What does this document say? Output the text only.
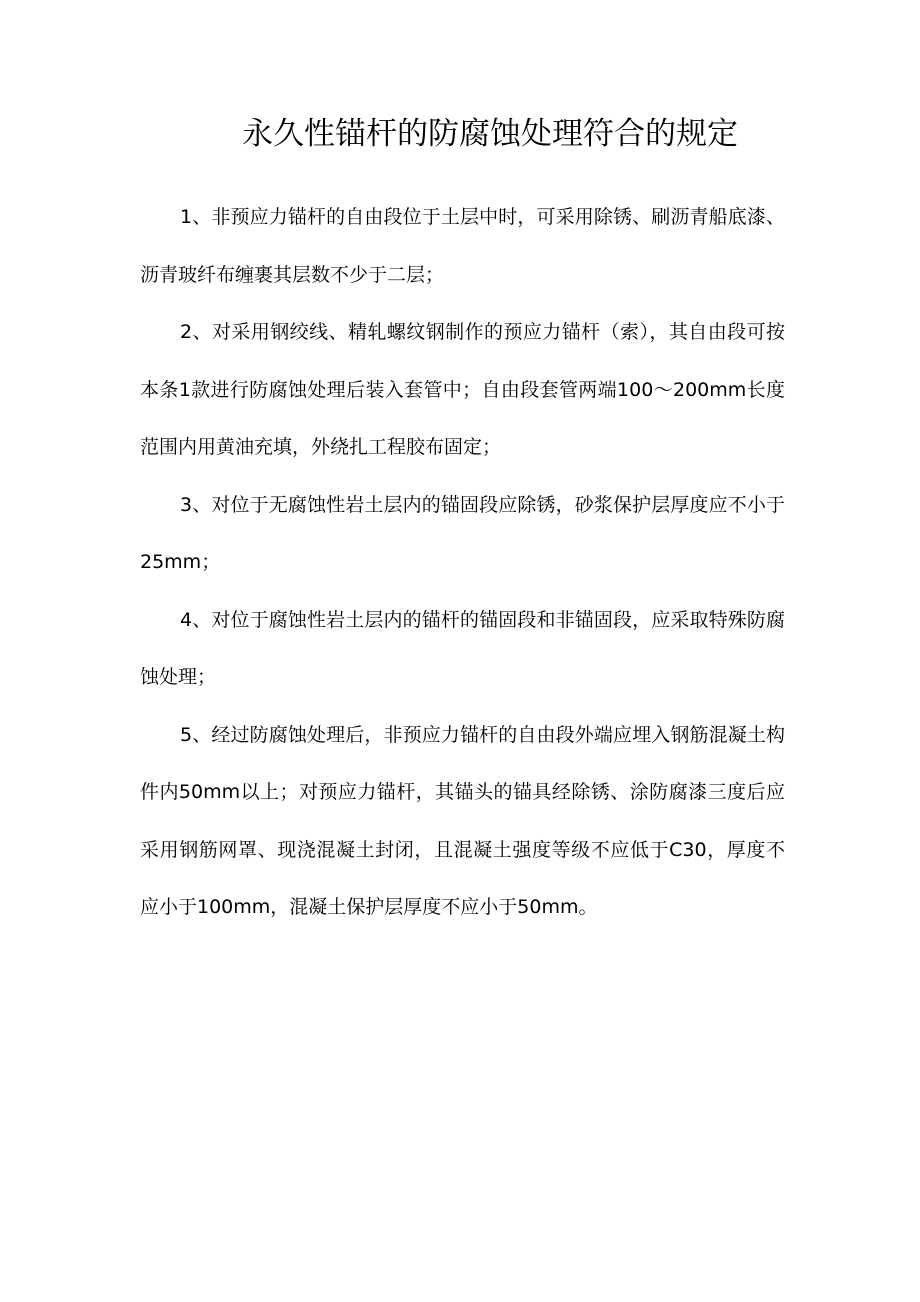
永久性锚杆的防腐蚀处理符合的规定

1、非预应力锚杆的自由段位于土层中时，可采用除锈、刷沥青船底漆、沥青玻纤布缠裹其层数不少于二层；

2、对采用钢绞线、精轧螺纹钢制作的预应力锚杆（索），其自由段可按本条1款进行防腐蚀处理后装入套管中；自由段套管两端100～200mm长度范围内用黄油充填，外绕扎工程胶布固定；

3、对位于无腐蚀性岩土层内的锚固段应除锈，砂浆保护层厚度应不小于25mm；

4、对位于腐蚀性岩土层内的锚杆的锚固段和非锚固段，应采取特殊防腐蚀处理；

5、经过防腐蚀处理后，非预应力锚杆的自由段外端应埋入钢筋混凝土构件内50mm以上；对预应力锚杆，其锚头的锚具经除锈、涂防腐漆三度后应采用钢筋网罩、现浇混凝土封闭，且混凝土强度等级不应低于C30，厚度不应小于100mm，混凝土保护层厚度不应小于50mm。
